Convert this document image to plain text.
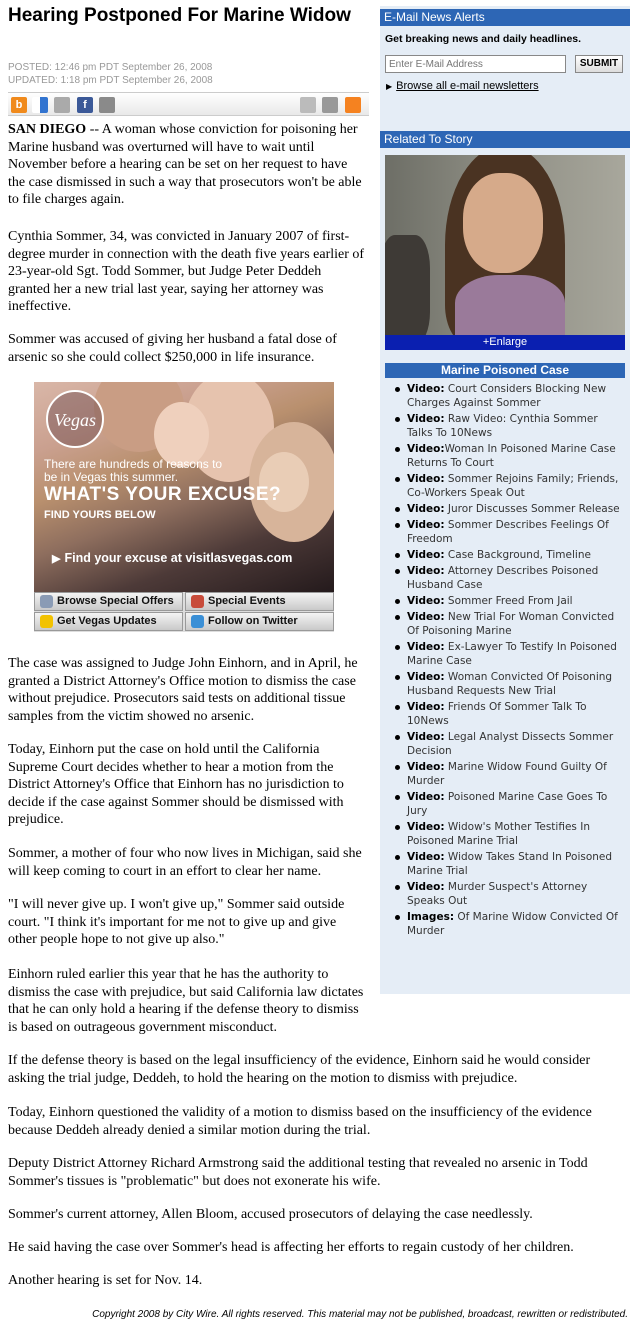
Hearing Postponed For Marine Widow
POSTED: 12:46 pm PDT September 26, 2008
UPDATED: 1:18 pm PDT September 26, 2008
b	f

SAN DIEGO -- A woman whose conviction for poisoning her Marine husband was overturned will have to wait until November before a hearing can be set on her request to have the case dismissed in such a way that prosecutors won't be able to file charges again.

Cynthia Sommer, 34, was convicted in January 2007 of first-degree murder in connection with the death five years earlier of 23-year-old Sgt. Todd Sommer, but Judge Peter Deddeh granted her a new trial last year, saying her attorney was ineffective.

Sommer was accused of giving her husband a fatal dose of arsenic so she could collect $250,000 in life insurance.

The case was assigned to Judge John Einhorn, and in April, he granted a District Attorney's Office motion to dismiss the case without prejudice. Prosecutors said tests on additional tissue samples from the victim showed no arsenic.

Today, Einhorn put the case on hold until the California Supreme Court decides whether to hear a motion from the District Attorney's Office that Einhorn has no jurisdiction to decide if the case against Sommer should be dismissed with prejudice.

Sommer, a mother of four who now lives in Michigan, said she will keep coming to court in an effort to clear her name.

"I will never give up. I won't give up," Sommer said outside court. "I think it's important for me not to give up and give other people hope to not give up also."

Einhorn ruled earlier this year that he has the authority to dismiss the case with prejudice, but said California law dictates that he can only hold a hearing if the defense theory to dismiss is based on outrageous government misconduct.

If the defense theory is based on the legal insufficiency of the evidence, Einhorn said he would consider asking the trial judge, Deddeh, to hold the hearing on the motion to dismiss with prejudice.

Today, Einhorn questioned the validity of a motion to dismiss based on the insufficiency of the evidence because Deddeh already denied a similar motion during the trial.

Deputy District Attorney Richard Armstrong said the additional testing that revealed no arsenic in Todd Sommer's tissues is "problematic" but does not exonerate his wife.

Sommer's current attorney, Allen Bloom, accused prosecutors of delaying the case needlessly.

He said having the case over Sommer's head is affecting her efforts to regain custody of her children.

Another hearing is set for Nov. 14.

Vegas
There are hundreds of reasons to be in Vegas this summer.
WHAT'S YOUR EXCUSE?
FIND YOURS BELOW
▶ Find your excuse at visitlasvegas.com
Browse Special Offers	Special Events
Get Vegas Updates	Follow on Twitter
E-Mail News Alerts
Get breaking news and daily headlines.
Enter E-Mail Address
SUBMIT
▶ Browse all e-mail newsletters
Related To Story
+Enlarge
Marine Poisoned Case
Video: Court Considers Blocking New Charges Against Sommer
Video: Raw Video: Cynthia Sommer Talks To 10News
Video:Woman In Poisoned Marine Case Returns To Court
Video: Sommer Rejoins Family; Friends, Co-Workers Speak Out
Video: Juror Discusses Sommer Release
Video: Sommer Describes Feelings Of Freedom
Video: Case Background, Timeline
Video: Attorney Describes Poisoned Husband Case
Video: Sommer Freed From Jail
Video: New Trial For Woman Convicted Of Poisoning Marine
Video: Ex-Lawyer To Testify In Poisoned Marine Case
Video: Woman Convicted Of Poisoning Husband Requests New Trial
Video: Friends Of Sommer Talk To 10News
Video: Legal Analyst Dissects Sommer Decision
Video: Marine Widow Found Guilty Of Murder
Video: Poisoned Marine Case Goes To Jury
Video: Widow's Mother Testifies In Poisoned Marine Trial
Video: Widow Takes Stand In Poisoned Marine Trial
Video: Murder Suspect's Attorney Speaks Out
Images: Of Marine Widow Convicted Of Murder
Copyright 2008 by City Wire. All rights reserved. This material may not be published, broadcast, rewritten or redistributed.
